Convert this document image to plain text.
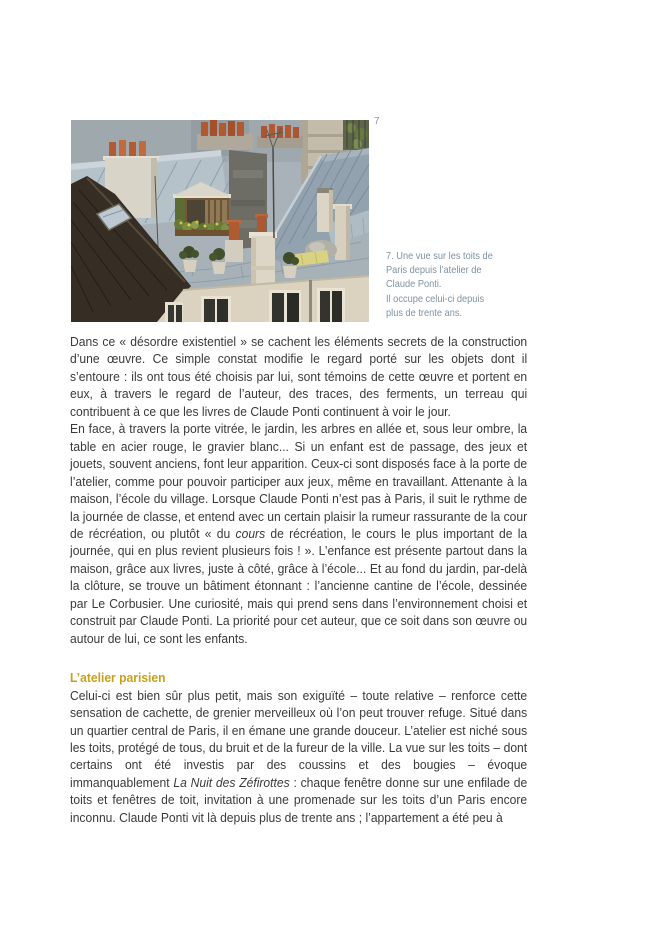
7
7. Une vue sur les toits de Paris depuis l’atelier de Claude Ponti.
Il occupe celui-ci depuis plus de trente ans.

Dans ce « désordre existentiel » se cachent les éléments secrets de la construction d’une œuvre. Ce simple constat modifie le regard porté sur les objets dont il s’entoure : ils ont tous été choisis par lui, sont témoins de cette œuvre et portent en eux, à travers le regard de l’auteur, des traces, des ferments, un terreau qui contribuent à ce que les livres de Claude Ponti continuent à voir le jour.

En face, à travers la porte vitrée, le jardin, les arbres en allée et, sous leur ombre, la table en acier rouge, le gravier blanc... Si un enfant est de passage, des jeux et jouets, souvent anciens, font leur apparition. Ceux-ci sont disposés face à la porte de l’atelier, comme pour pouvoir participer aux jeux, même en travaillant. Attenante à la maison, l’école du village. Lorsque Claude Ponti n’est pas à Paris, il suit le rythme de la journée de classe, et entend avec un certain plaisir la rumeur rassurante de la cour de récréation, ou plutôt « du cours de récréation, le cours le plus important de la journée, qui en plus revient plusieurs fois ! ». L’enfance est présente partout dans la maison, grâce aux livres, juste à côté, grâce à l’école... Et au fond du jardin, par-delà la clôture, se trouve un bâtiment étonnant : l’ancienne cantine de l’école, dessinée par Le Corbusier. Une curiosité, mais qui prend sens dans l’environnement choisi et construit par Claude Ponti. La priorité pour cet auteur, que ce soit dans son œuvre ou autour de lui, ce sont les enfants.

L’atelier parisien

Celui-ci est bien sûr plus petit, mais son exiguïté – toute relative – renforce cette sensation de cachette, de grenier merveilleux où l’on peut trouver refuge. Situé dans un quartier central de Paris, il en émane une grande douceur. L’atelier est niché sous les toits, protégé de tous, du bruit et de la fureur de la ville. La vue sur les toits – dont certains ont été investis par des coussins et des bougies – évoque immanquablement La Nuit des Zéfirottes : chaque fenêtre donne sur une enfilade de toits et fenêtres de toit, invitation à une promenade sur les toits d’un Paris encore inconnu. Claude Ponti vit là depuis plus de trente ans ; l’appartement a été peu à
